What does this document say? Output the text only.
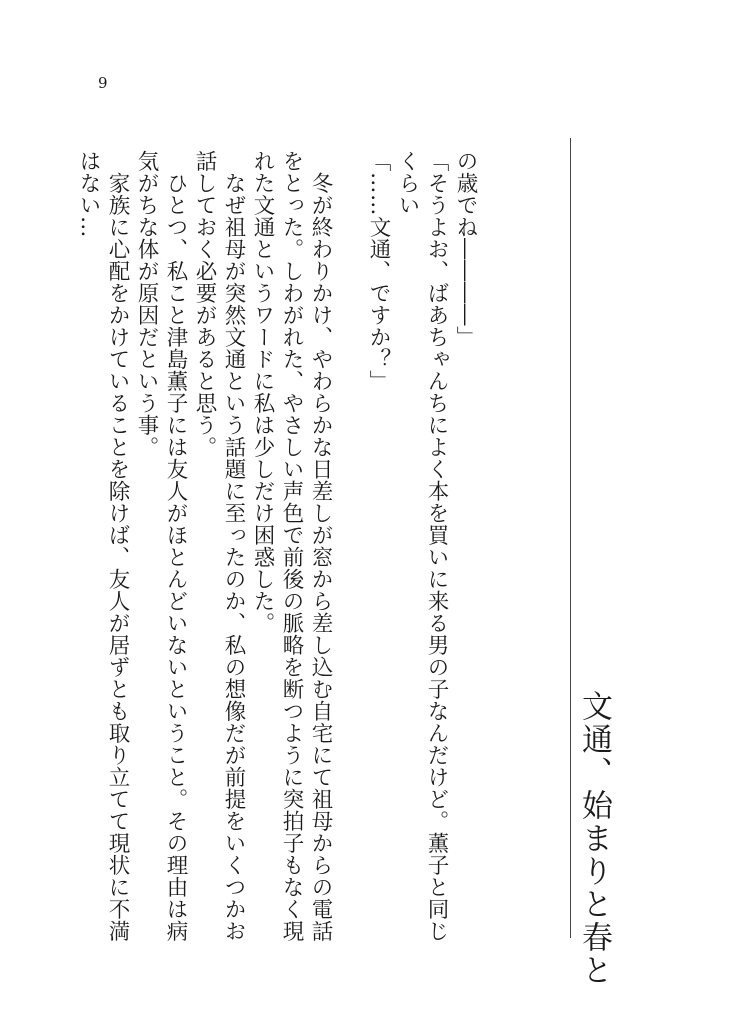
9
文通、始まりと春と

の歳でね――――」

「そうよお、ばあちゃんちによく本を買いに来る男の子なんだけど。薫子と同じくらい

「……文通、ですか？」

冬が終わりかけ、やわらかな日差しが窓から差し込む自宅にて祖母からの電話をとった。しわがれた、やさしい声色で前後の脈略を断つように突拍子もなく現れた文通というワードに私は少しだけ困惑した。

なぜ祖母が突然文通という話題に至ったのか、私の想像だが前提をいくつかお話しておく必要があると思う。

ひとつ、私こと津島薫子には友人がほとんどいないということ。その理由は病気がちな体が原因だという事。

家族に心配をかけていることを除けば、友人が居ずとも取り立てて現状に不満はない…
